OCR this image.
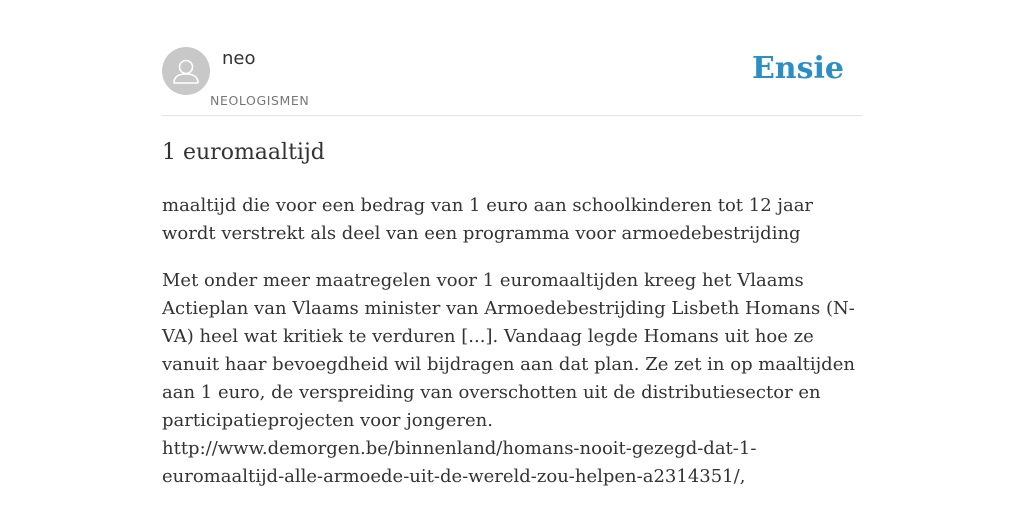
neo
NEOLOGISMEN
Ensie
1 euromaaltijd

maaltijd die voor een bedrag van 1 euro aan schoolkinderen tot 12 jaar wordt verstrekt als deel van een programma voor armoedebestrijding

Met onder meer maatregelen voor 1 euromaaltijden kreeg het Vlaams Actieplan van Vlaams minister van Armoedebestrijding Lisbeth Homans (N-VA) heel wat kritiek te verduren [...]. Vandaag legde Homans uit hoe ze vanuit haar bevoegdheid wil bijdragen aan dat plan. Ze zet in op maaltijden aan 1 euro, de verspreiding van overschotten uit de distributiesector en participatieprojecten voor jongeren.
http://www.demorgen.be/binnenland/homans-nooit-gezegd-dat-1-euromaaltijd-alle-armoede-uit-de-wereld-zou-helpen-a2314351/,
